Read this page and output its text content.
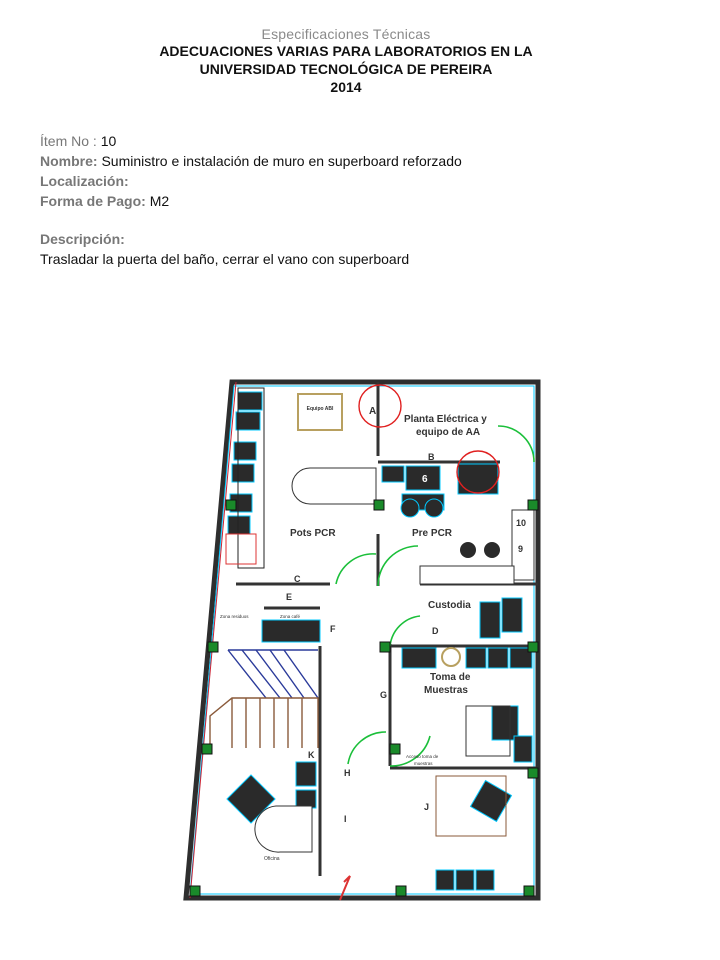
Especificaciones Técnicas
ADECUACIONES VARIAS PARA LABORATORIOS EN LA
UNIVERSIDAD TECNOLÓGICA DE PEREIRA
2014
Ítem No : 10
Nombre: Suministro e instalación de muro en superboard reforzado
Localización:
Forma de Pago: M2
Descripción:
Trasladar la puerta del baño, cerrar el vano con superboard
Equipo ABI	A
Planta Eléctrica y
equipo de AA
B
6
10
9
Pots PCR	Pre PCR
C
Custodia
E
Zona residuos	Zona café
F	D
Toma de
Muestras
G
K
Oficina
Acceso toma de
muestras
H
J
I
